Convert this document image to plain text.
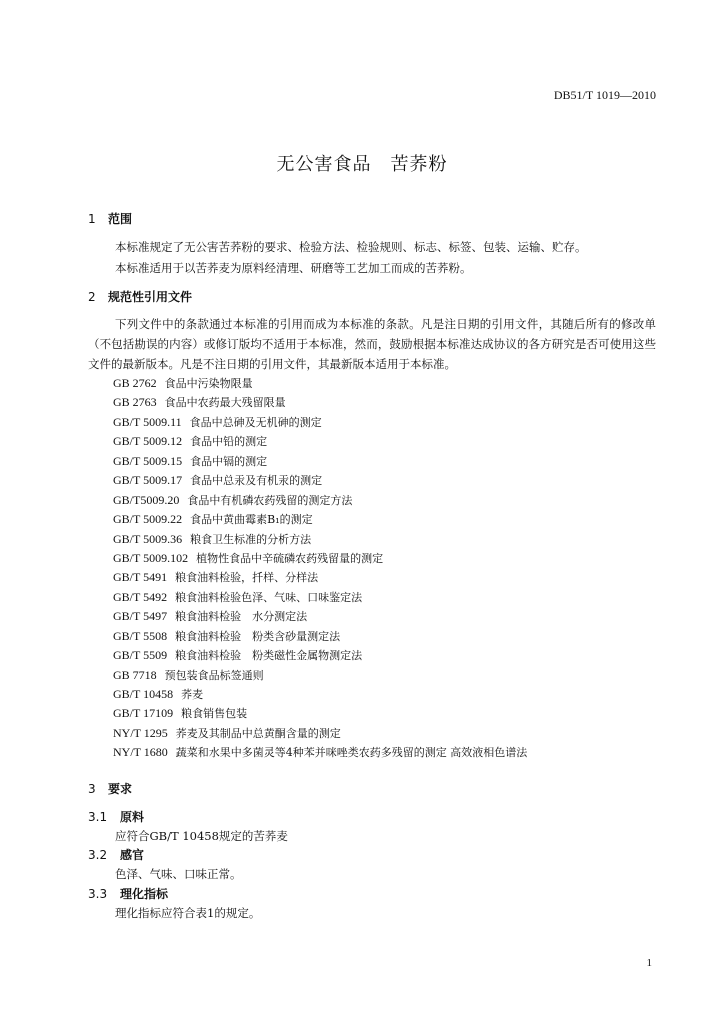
DB51/T 1019—2010
无公害食品　苦荞粉
1 范围
本标准规定了无公害苦荞粉的要求、检验方法、检验规则、标志、标签、包装、运输、贮存。
本标准适用于以苦荞麦为原料经清理、研磨等工艺加工而成的苦荞粉。
2 规范性引用文件
下列文件中的条款通过本标准的引用而成为本标准的条款。凡是注日期的引用文件，其随后所有的修改单（不包括勘误的内容）或修订版均不适用于本标准，然而，鼓励根据本标准达成协议的各方研究是否可使用这些文件的最新版本。凡是不注日期的引用文件，其最新版本适用于本标准。
GB 2762 食品中污染物限量
GB 2763 食品中农药最大残留限量
GB/T 5009.11 食品中总砷及无机砷的测定
GB/T 5009.12 食品中铅的测定
GB/T 5009.15 食品中镉的测定
GB/T 5009.17 食品中总汞及有机汞的测定
GB/T5009.20 食品中有机磷农药残留的测定方法
GB/T 5009.22 食品中黄曲霉素B₁的测定
GB/T 5009.36 粮食卫生标准的分析方法
GB/T 5009.102 植物性食品中辛硫磷农药残留量的测定
GB/T 5491 粮食油料检验，扦样、分样法
GB/T 5492 粮食油料检验色泽、气味、口味鉴定法
GB/T 5497 粮食油料检验　水分测定法
GB/T 5508 粮食油料检验　粉类含砂量测定法
GB/T 5509 粮食油料检验　粉类磁性金属物测定法
GB 7718 预包装食品标签通则
GB/T 10458 荞麦
GB/T 17109 粮食销售包装
NY/T 1295 荞麦及其制品中总黄酮含量的测定
NY/T 1680 蔬菜和水果中多菌灵等4种苯并咪唑类农药多残留的测定 高效液相色谱法
3 要求
3.1 原料
应符合GB/T 10458规定的苦荞麦
3.2 感官
色泽、气味、口味正常。
3.3 理化指标
理化指标应符合表1的规定。
1
